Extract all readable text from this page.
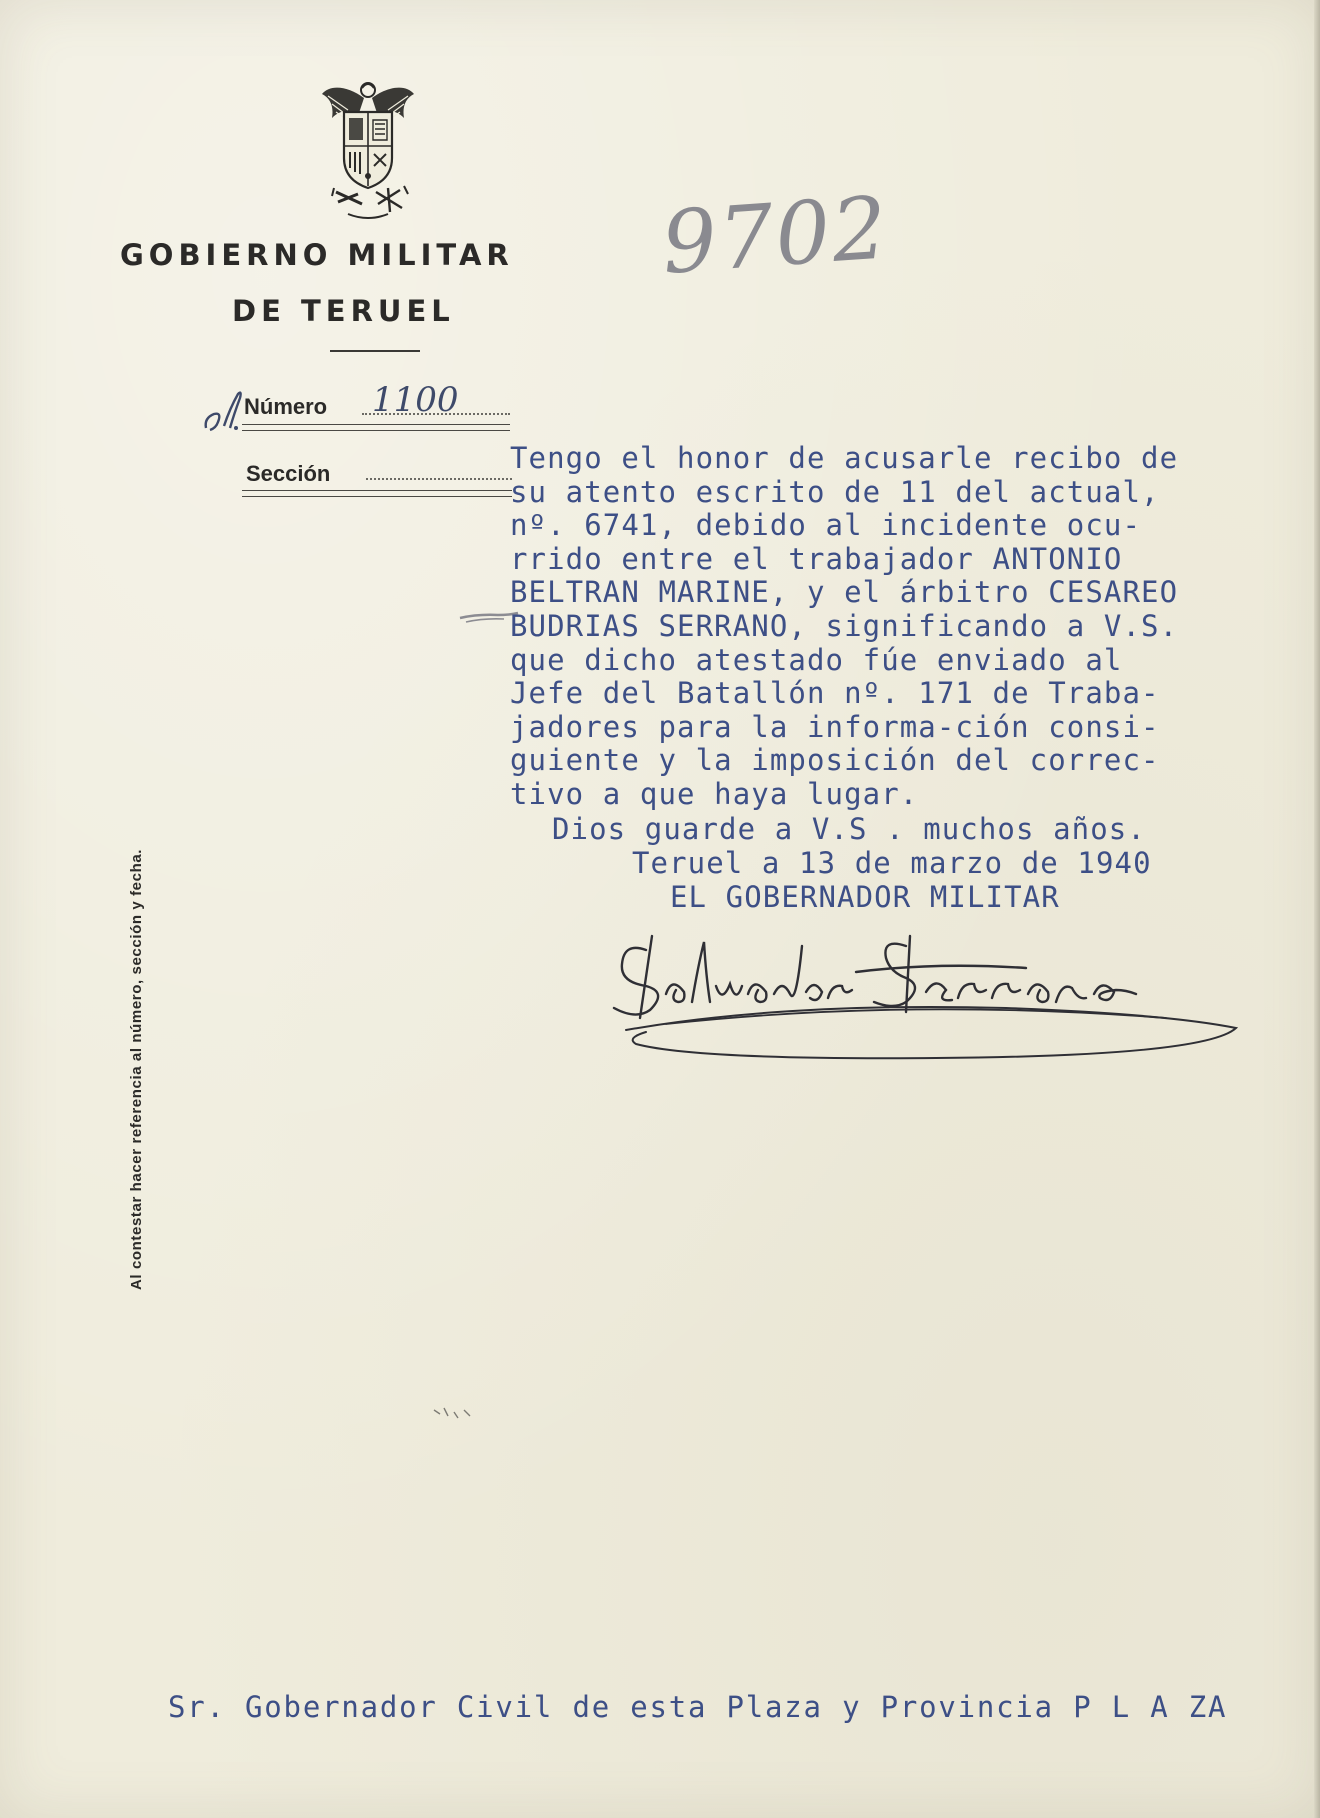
GOBIERNO MILITAR
DE TERUEL
9702
Número 1100
Sección	Tengo el honor de acusarle recibo de
su atento escrito de 11 del actual,
nº. 6741, debido al incidente ocu-
rrido entre el trabajador ANTONIO
BELTRAN MARINE, y el árbitro CESAREO
BUDRIAS SERRANO, significando a V.S.
que dicho atestado fúe enviado al
Jefe del Batallón nº. 171 de Traba-
jadores para la informa-ción consi-
guiente y la imposición del correc-
tivo a que haya lugar.
Dios guarde a V.S . muchos años.
Teruel a 13 de marzo de 1940
EL GOBERNADOR MILITAR
Al contestar hacer referencia al número, sección y fecha.
Sr. Gobernador Civil de esta Plaza y Provincia P L A ZA
